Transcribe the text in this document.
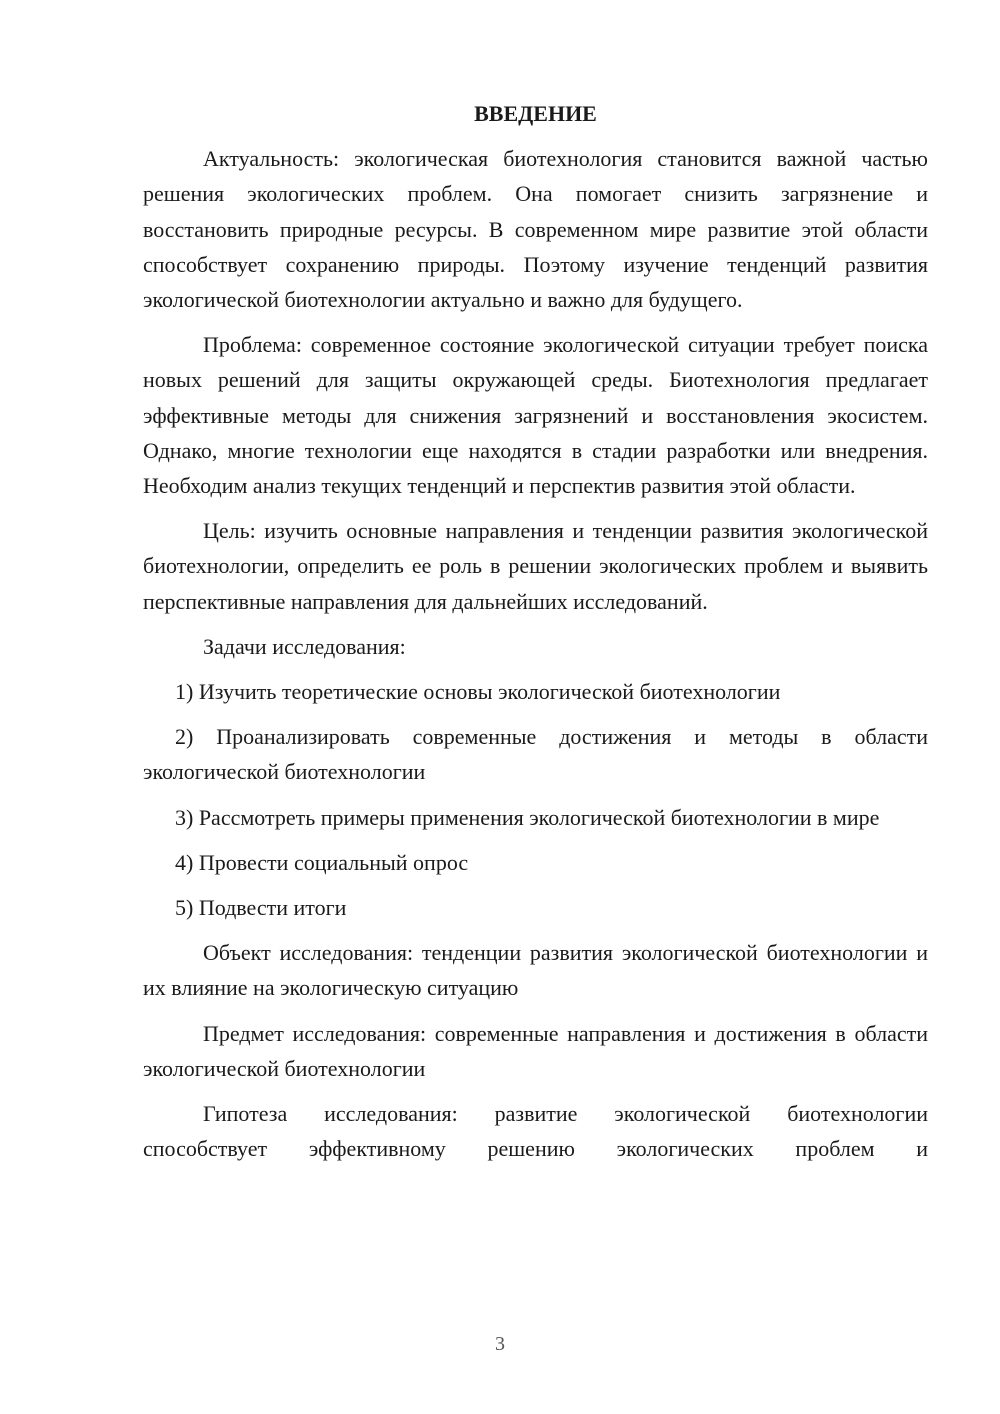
ВВЕДЕНИЕ

Актуальность: экологическая биотехнология становится важной частью решения экологических проблем. Она помогает снизить загрязнение и восстановить природные ресурсы. В современном мире развитие этой области способствует сохранению природы. Поэтому изучение тенденций развития экологической биотехнологии актуально и важно для будущего.

Проблема: современное состояние экологической ситуации требует поиска новых решений для защиты окружающей среды. Биотехнология предлагает эффективные методы для снижения загрязнений и восстановления экосистем. Однако, многие технологии еще находятся в стадии разработки или внедрения. Необходим анализ текущих тенденций и перспектив развития этой области.

Цель: изучить основные направления и тенденции развития экологической биотехнологии, определить ее роль в решении экологических проблем и выявить перспективные направления для дальнейших исследований.

Задачи исследования:

1) Изучить теоретические основы экологической биотехнологии

2) Проанализировать современные достижения и методы в области экологической биотехнологии

3) Рассмотреть примеры применения экологической биотехнологии в мире

4) Провести социальный опрос

5) Подвести итоги

Объект исследования: тенденции развития экологической биотехнологии и их влияние на экологическую ситуацию

Предмет исследования: современные направления и достижения в области экологической биотехнологии

Гипотеза исследования: развитие экологической биотехнологии способствует эффективному решению экологических проблем и

3
